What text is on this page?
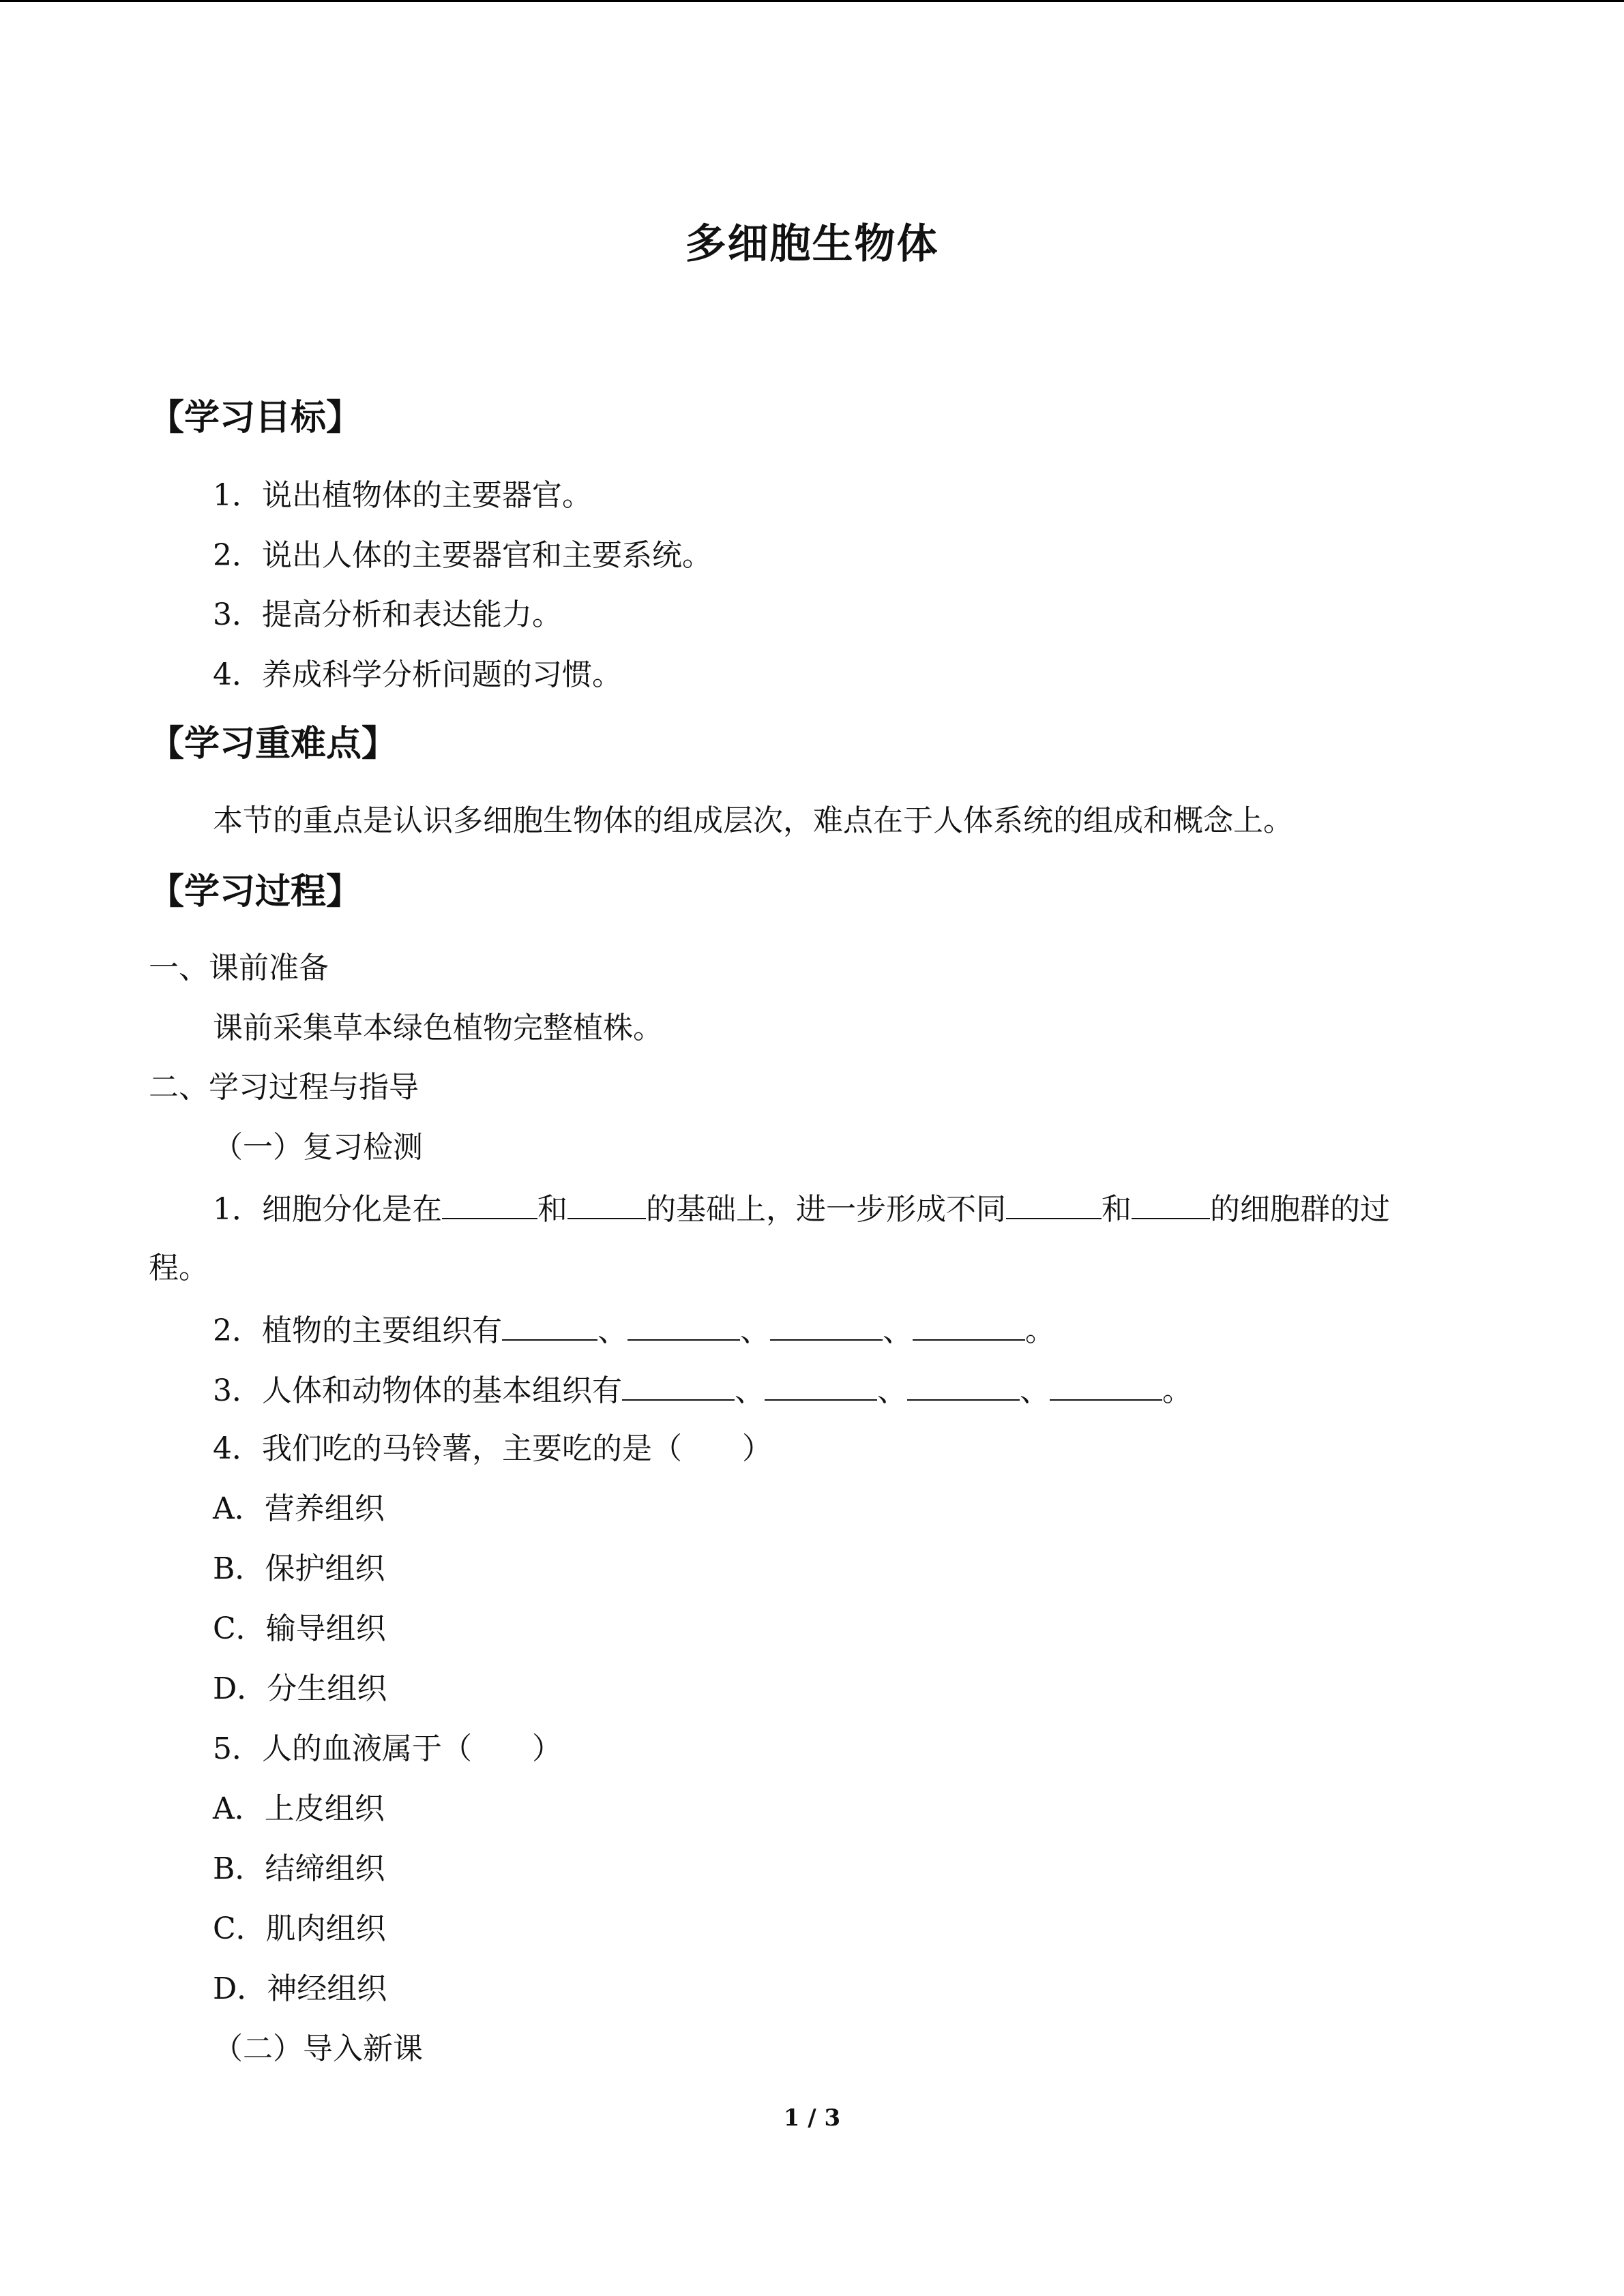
多细胞生物体
【学习目标】
1．说出植物体的主要器官。
2．说出人体的主要器官和主要系统。
3．提高分析和表达能力。
4．养成科学分析问题的习惯。
【学习重难点】
本节的重点是认识多细胞生物体的组成层次，难点在于人体系统的组成和概念上。
【学习过程】
一、课前准备
课前采集草本绿色植物完整植株。
二、学习过程与指导
（一）复习检测
1．细胞分化是在	和	的基础上，进一步形成不同	和	的细胞群的过
程。
2．植物的主要组织有	、	、	、	。
3．人体和动物体的基本组织有	、	、	、	。
4．我们吃的马铃薯，主要吃的是（　　）
A．营养组织
B．保护组织
C．输导组织
D．分生组织
5．人的血液属于（　　）
A．上皮组织
B．结缔组织
C．肌肉组织
D．神经组织
（二）导入新课
1 / 3
